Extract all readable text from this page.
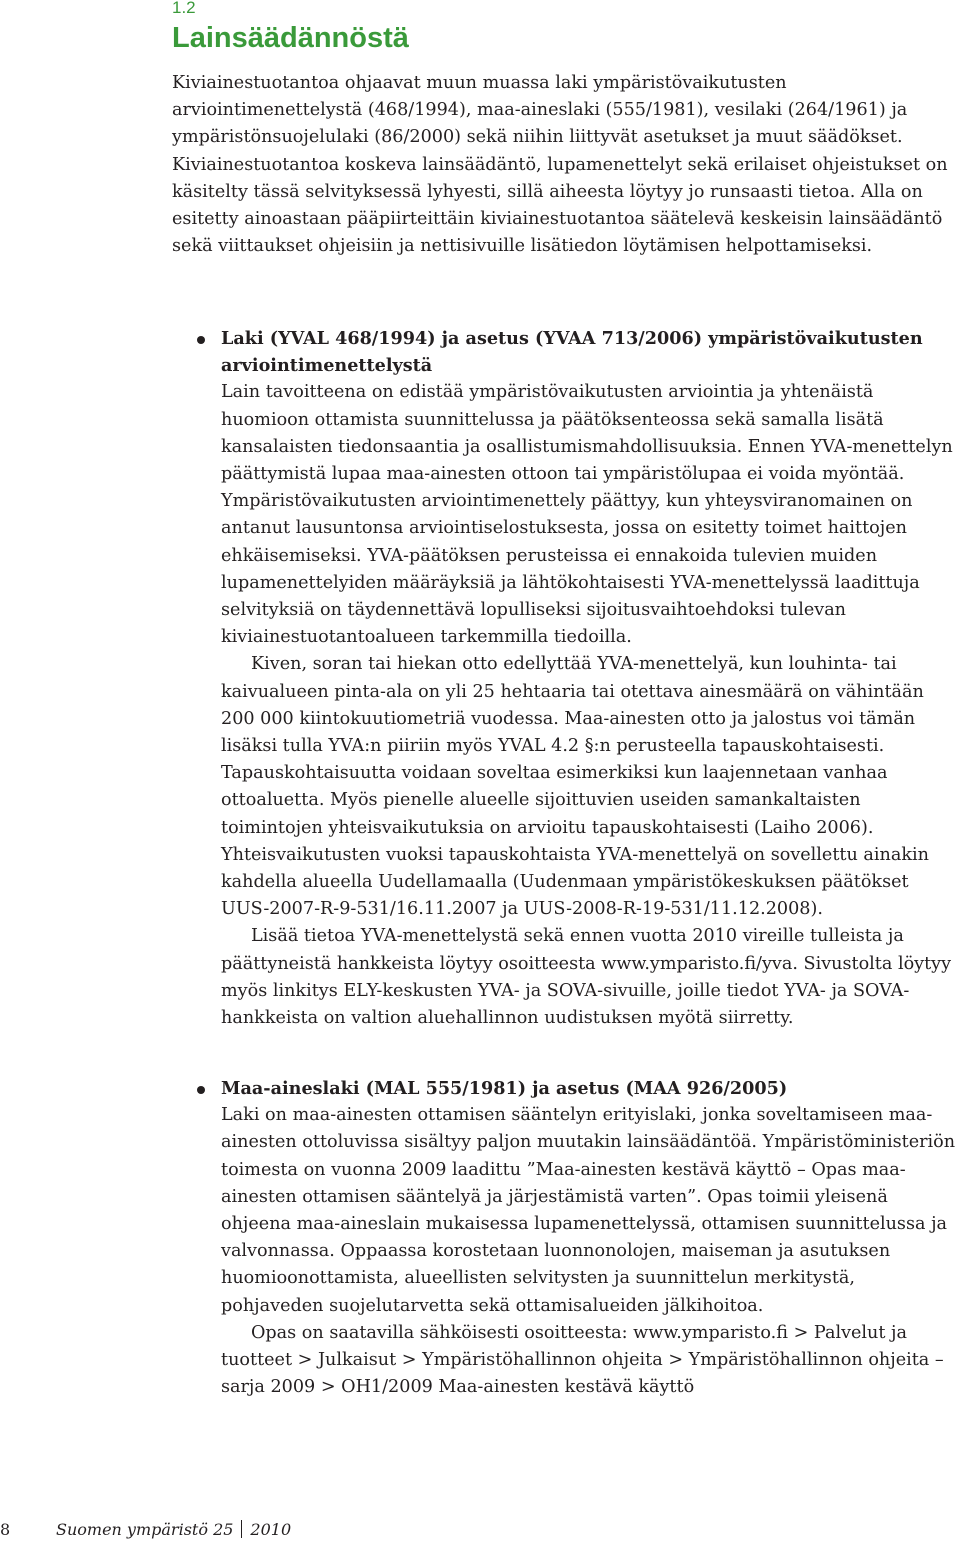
1.2
Lainsäädännöstä

Kiviainestuotantoa ohjaavat muun muassa laki ympäristövaikutusten arviointimenettelystä (468/1994), maa-aineslaki (555/1981), vesilaki (264/1961) ja ympäristönsuojelulaki (86/2000) sekä niihin liittyvät asetukset ja muut säädökset. Kiviainestuotantoa koskeva lainsäädäntö, lupamenettelyt sekä erilaiset ohjeistukset on käsitelty tässä selvityksessä lyhyesti, sillä aiheesta löytyy jo runsaasti tietoa. Alla on esitetty ainoastaan pääpiirteittäin kiviainestuotantoa säätelevä keskeisin lainsäädäntö sekä viittaukset ohjeisiin ja nettisivuille lisätiedon löytämisen helpottamiseksi.

Laki (YVAL 468/1994) ja asetus (YVAA 713/2006) ympäristövaikutusten arviointimenettelystä

Lain tavoitteena on edistää ympäristövaikutusten arviointia ja yhtenäistä huomioon ottamista suunnittelussa ja päätöksenteossa sekä samalla lisätä kansalaisten tiedonsaantia ja osallistumismahdollisuuksia. Ennen YVA-menettelyn päättymistä lupaa maa-ainesten ottoon tai ympäristölupaa ei voida myöntää. Ympäristövaikutusten arviointimenettely päättyy, kun yhteysviranomainen on antanut lausuntonsa arviointiselostuksesta, jossa on esitetty toimet haittojen ehkäisemiseksi. YVA-päätöksen perusteissa ei ennakoida tulevien muiden lupamenettelyiden määräyksiä ja lähtökohtaisesti YVA-menettelyssä laadittuja selvityksiä on täydennettävä lopulliseksi sijoitusvaihtoehdoksi tulevan kiviainestuotantoalueen tarkemmilla tiedoilla.

Kiven, soran tai hiekan otto edellyttää YVA-menettelyä, kun louhinta- tai kaivualueen pinta-ala on yli 25 hehtaaria tai otettava ainesmäärä on vähintään 200 000 kiintokuutiometriä vuodessa. Maa-ainesten otto ja jalostus voi tämän lisäksi tulla YVA:n piiriin myös YVAL 4.2 §:n perusteella tapauskohtaisesti. Tapauskohtaisuutta voidaan soveltaa esimerkiksi kun laajennetaan vanhaa ottoaluetta. Myös pienelle alueelle sijoittuvien useiden samankaltaisten toimintojen yhteisvaikutuksia on arvioitu tapauskohtaisesti (Laiho 2006). Yhteisvaikutusten vuoksi tapauskohtaista YVA-menettelyä on sovellettu ainakin kahdella alueella Uudellamaalla (Uudenmaan ympäristökeskuksen päätökset UUS-2007-R-9-531/16.11.2007 ja UUS-2008-R-19-531/11.12.2008).

Lisää tietoa YVA-menettelystä sekä ennen vuotta 2010 vireille tulleista ja päättyneistä hankkeista löytyy osoitteesta www.ymparisto.fi/yva. Sivustolta löytyy myös linkitys ELY-keskusten YVA- ja SOVA-sivuille, joille tiedot YVA- ja SOVA-hankkeista on valtion aluehallinnon uudistuksen myötä siirretty.

Maa-aineslaki (MAL 555/1981) ja asetus (MAA 926/2005)

Laki on maa-ainesten ottamisen sääntelyn erityislaki, jonka soveltamiseen maa-ainesten ottoluvissa sisältyy paljon muutakin lainsäädäntöä. Ympäristöministeriön toimesta on vuonna 2009 laadittu ”Maa-ainesten kestävä käyttö – Opas maa-ainesten ottamisen sääntelyä ja järjestämistä varten”. Opas toimii yleisenä ohjeena maa-aineslain mukaisessa lupamenettelyssä, ottamisen suunnittelussa ja valvonnassa. Oppaassa korostetaan luonnonolojen, maiseman ja asutuksen huomioonottamista, alueellisten selvitysten ja suunnittelun merkitystä, pohjaveden suojelutarvetta sekä ottamisalueiden jälkihoitoa.

Opas on saatavilla sähköisesti osoitteesta: www.ymparisto.fi > Palvelut ja tuotteet > Julkaisut > Ympäristöhallinnon ohjeita > Ympäristöhallinnon ohjeita –sarja 2009 > OH1/2009 Maa-ainesten kestävä käyttö

8	Suomen ympäristö 25 2010
